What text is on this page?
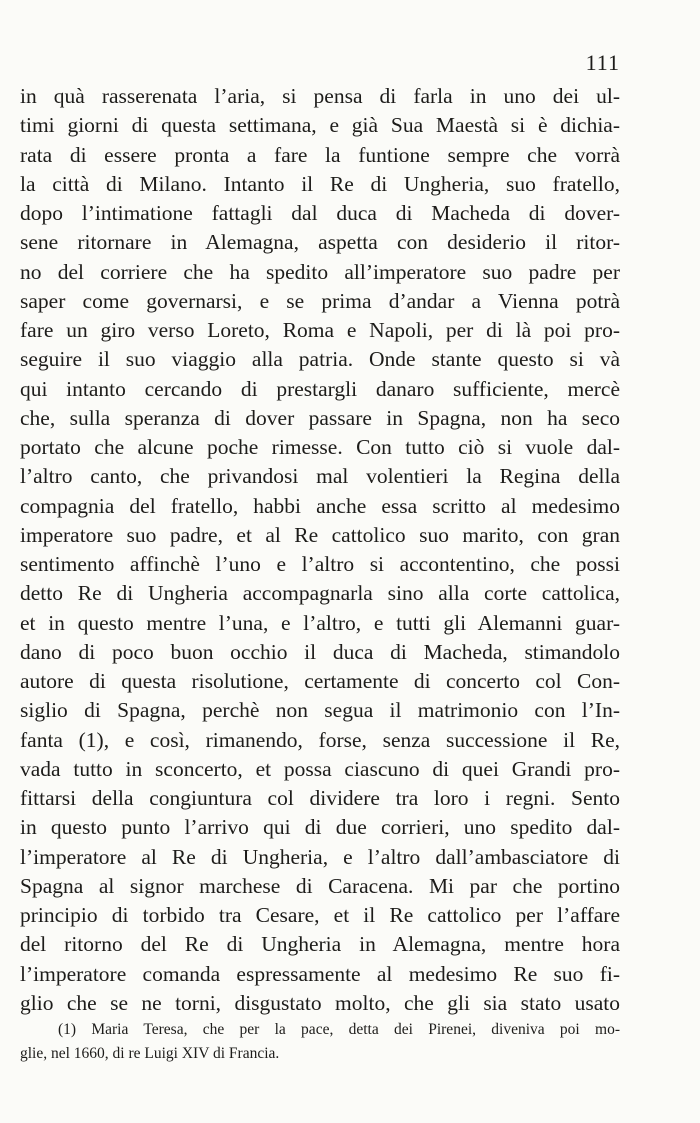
111
in quà rasserenata l’aria, si pensa di farla in uno dei ul-
timi giorni di questa settimana, e già Sua Maestà si è dichia-
rata di essere pronta a fare la funtione sempre che vorrà
la città di Milano. Intanto il Re di Ungheria, suo fratello,
dopo l’intimatione fattagli dal duca di Macheda di dover-
sene ritornare in Alemagna, aspetta con desiderio il ritor-
no del corriere che ha spedito all’imperatore suo padre per
saper come governarsi, e se prima d’andar a Vienna potrà
fare un giro verso Loreto, Roma e Napoli, per di là poi pro-
seguire il suo viaggio alla patria. Onde stante questo si và
qui intanto cercando di prestargli danaro sufficiente, mercè
che, sulla speranza di dover passare in Spagna, non ha seco
portato che alcune poche rimesse. Con tutto ciò si vuole dal-
l’altro canto, che privandosi mal volentieri la Regina della
compagnia del fratello, habbi anche essa scritto al medesimo
imperatore suo padre, et al Re cattolico suo marito, con gran
sentimento affinchè l’uno e l’altro si accontentino, che possi
detto Re di Ungheria accompagnarla sino alla corte cattolica,
et in questo mentre l’una, e l’altro, e tutti gli Alemanni guar-
dano di poco buon occhio il duca di Macheda, stimandolo
autore di questa risolutione, certamente di concerto col Con-
siglio di Spagna, perchè non segua il matrimonio con l’In-
fanta (1), e così, rimanendo, forse, senza successione il Re,
vada tutto in sconcerto, et possa ciascuno di quei Grandi pro-
fittarsi della congiuntura col dividere tra loro i regni. Sento
in questo punto l’arrivo qui di due corrieri, uno spedito dal-
l’imperatore al Re di Ungheria, e l’altro dall’ambasciatore di
Spagna al signor marchese di Caracena. Mi par che portino
principio di torbido tra Cesare, et il Re cattolico per l’affare
del ritorno del Re di Ungheria in Alemagna, mentre hora
l’imperatore comanda espressamente al medesimo Re suo fi-
glio che se ne torni, disgustato molto, che gli sia stato usato
(1) Maria Teresa, che per la pace, detta dei Pirenei, diveniva poi mo-
glie, nel 1660, di re Luigi XIV di Francia.
